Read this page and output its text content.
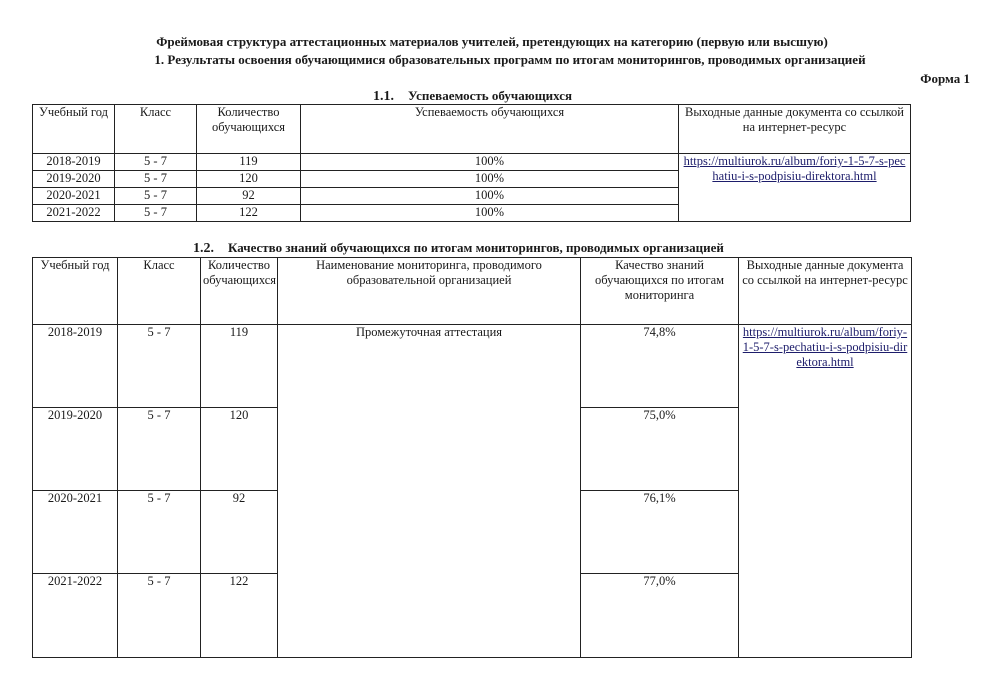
Фреймовая структура аттестационных материалов учителей, претендующих на категорию (первую или высшую)
1. Результаты освоения обучающимися образовательных программ по итогам мониторингов, проводимых организацией
Форма 1
1.1. Успеваемость обучающихся
Учебный год	Класс	Количество обучающихся	Успеваемость обучающихся	Выходные данные документа со ссылкой на интернет-ресурс
2018-2019	5 - 7	119	100%	https://multiurok.ru/album/foriy-1-5-7-s-pechatiu-i-s-podpisiu-direktora.html
2019-2020	5 - 7	120	100%	
2020-2021	5 - 7	92	100%	
2021-2022	5 - 7	122	100%	
1.2. Качество знаний обучающихся по итогам мониторингов, проводимых организацией
Учебный год	Класс	Количество обучающихся	Наименование мониторинга, проводимого образовательной организацией	Качество знаний обучающихся по итогам мониторинга	Выходные данные документа со ссылкой на интернет-ресурс
2018-2019	5 - 7	119	Промежуточная аттестация	74,8%	https://multiurok.ru/album/foriy-1-5-7-s-pechatiu-i-s-podpisiu-direktora.html
2019-2020	5 - 7	120		75,0%	
2020-2021	5 - 7	92		76,1%	
2021-2022	5 - 7	122		77,0%	
